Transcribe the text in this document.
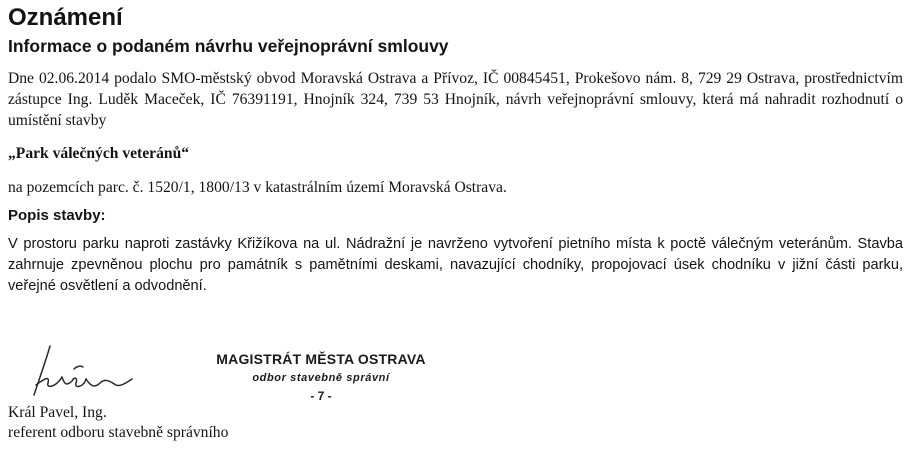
Oznámení
Informace o podaném návrhu veřejnoprávní smlouvy

Dne 02.06.2014 podalo SMO-městský obvod Moravská Ostrava a Přívoz, IČ 00845451, Prokešovo nám. 8, 729 29 Ostrava, prostřednictvím zástupce Ing. Luděk Maceček, IČ 76391191, Hnojník 324, 739 53 Hnojník, návrh veřejnoprávní smlouvy, která má nahradit rozhodnutí o umístění stavby

„Park válečných veteránů“

na pozemcích parc. č. 1520/1, 1800/13 v katastrálním území Moravská Ostrava.

Popis stavby:

V prostoru parku naproti zastávky Křižíkova na ul. Nádražní je navrženo vytvoření pietního místa k poctě válečným veteránům. Stavba zahrnuje zpevněnou plochu pro památník s pamětními deskami, navazující chodníky, propojovací úsek chodníku v jižní části parku, veřejné osvětlení a odvodnění.

MAGISTRÁT MĚSTA OSTRAVA
odbor stavebně správní
- 7 -
Král Pavel, Ing.
referent odboru stavebně správního
